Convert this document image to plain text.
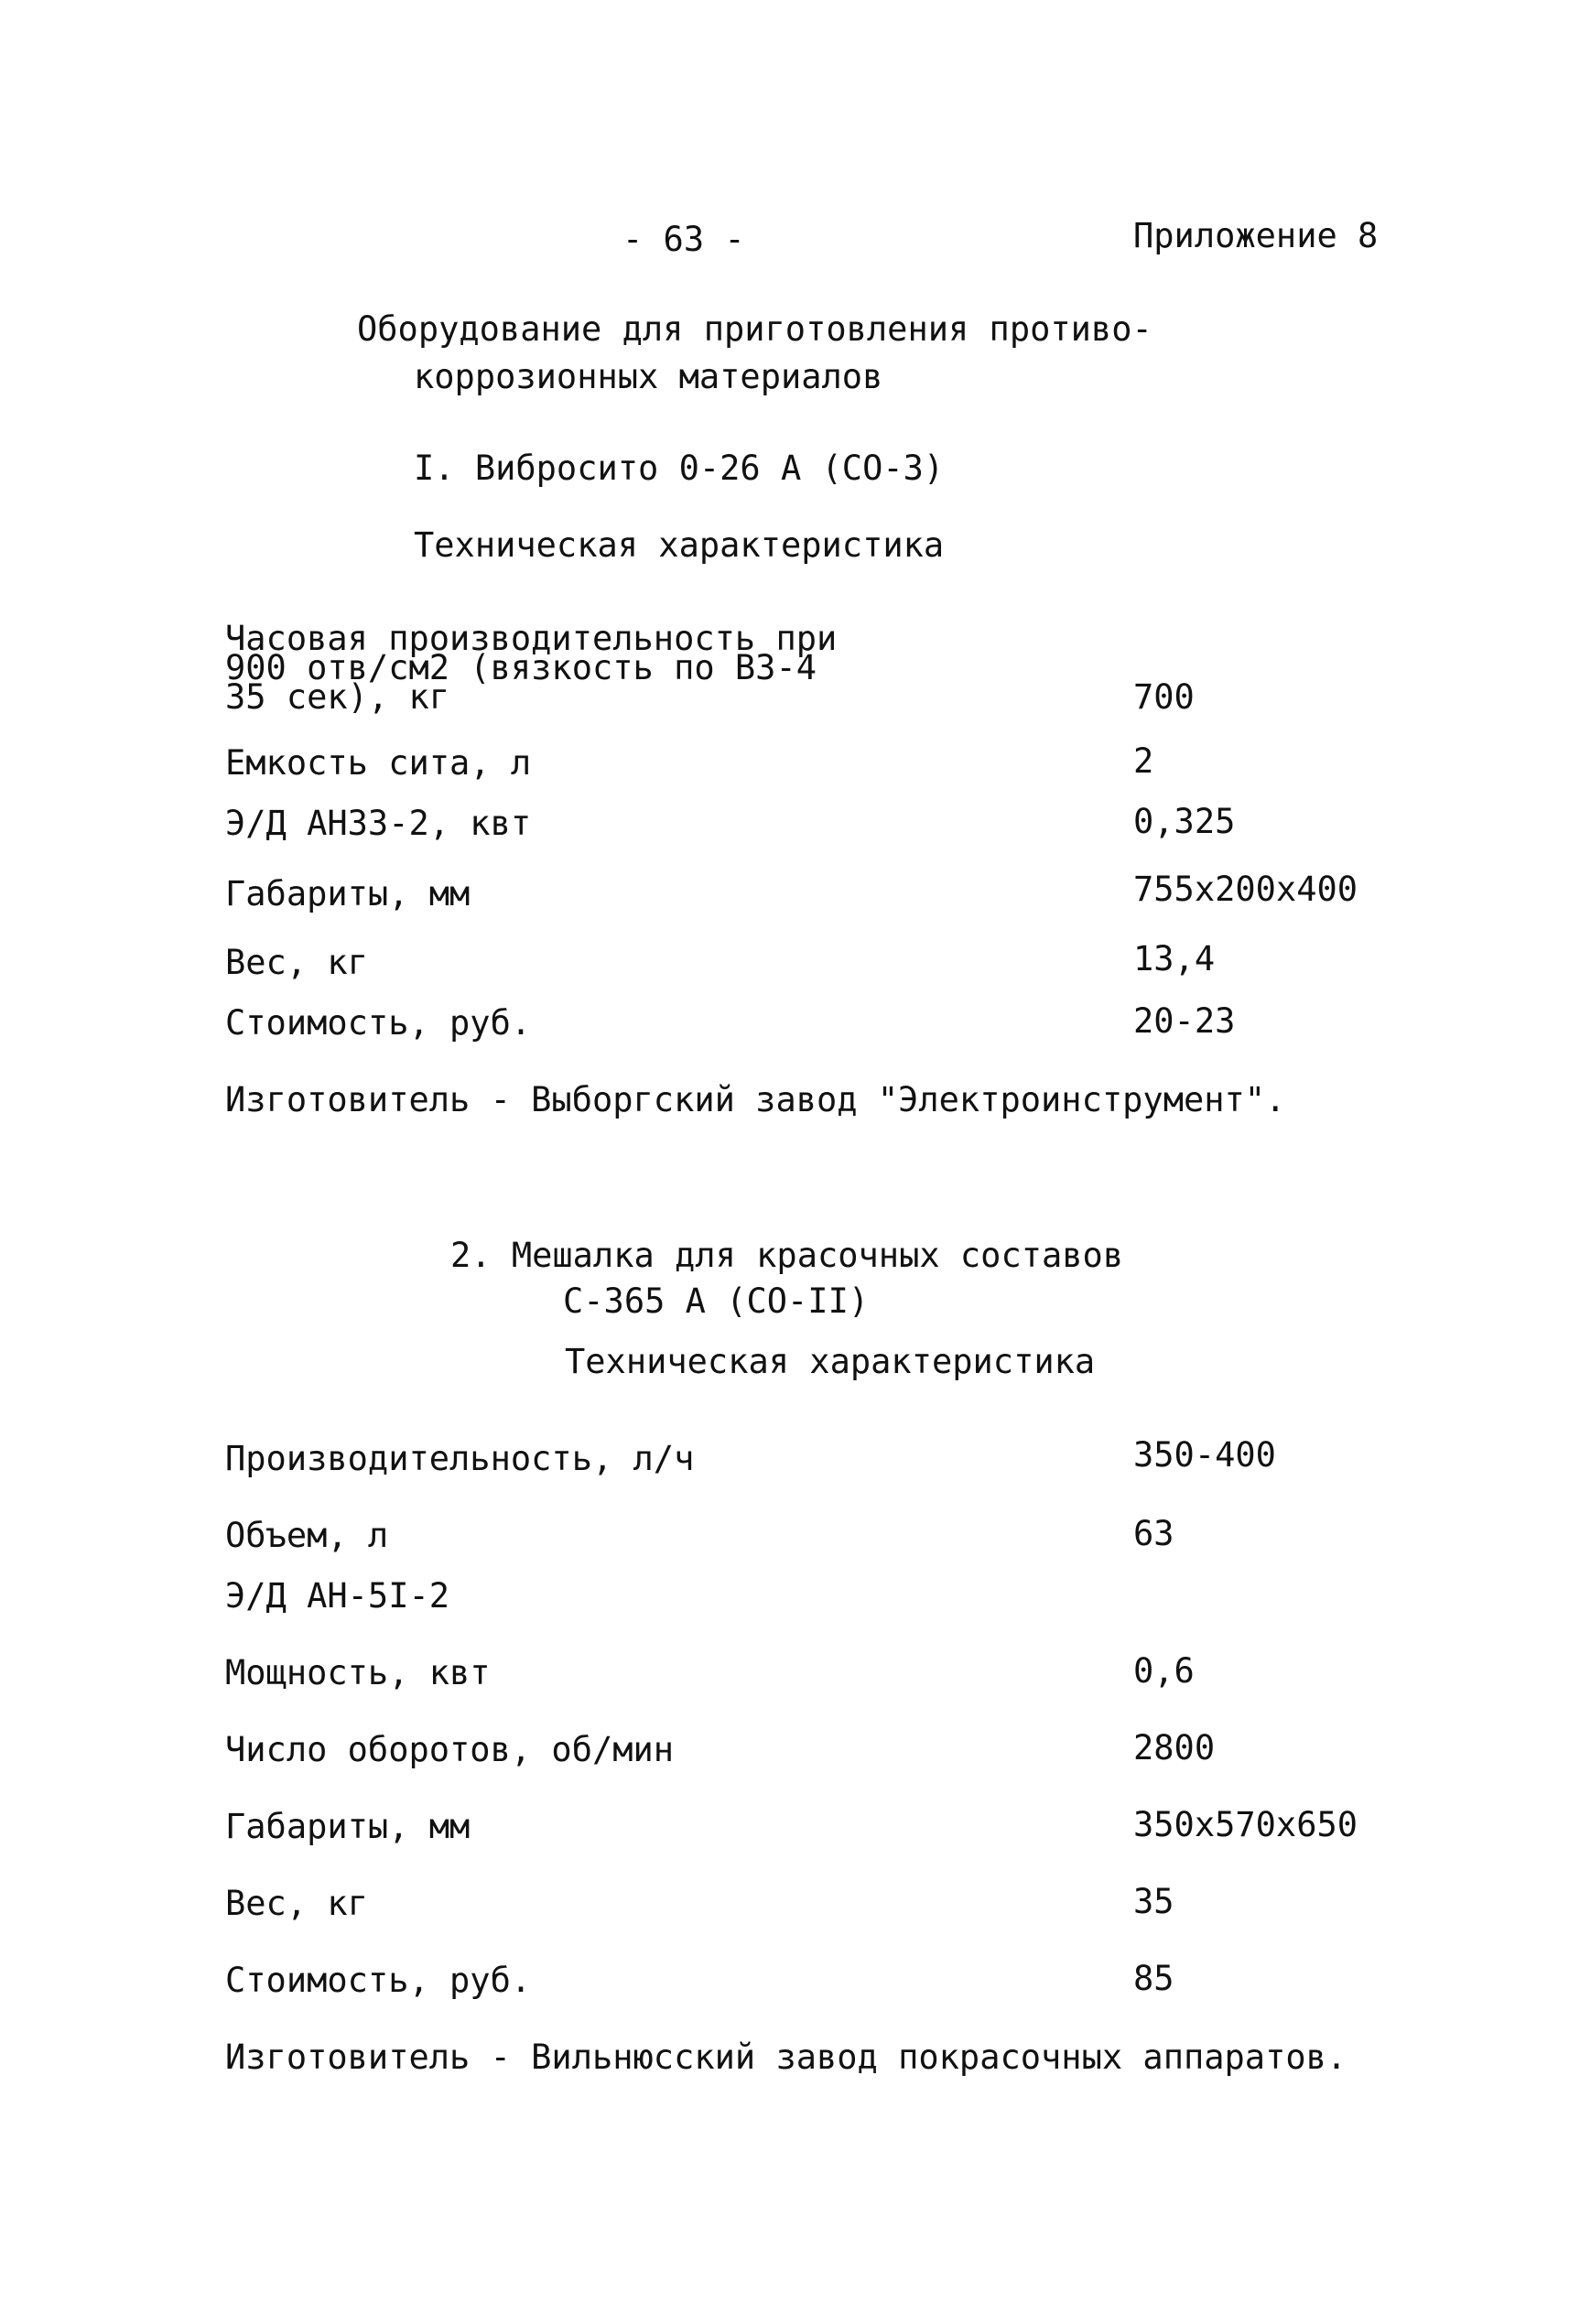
- 63 -	Приложение 8
Оборудование для приготовления противо-
коррозионных материалов
I. Вибросито 0-26 А (СО-3)
Техническая характеристика
Часовая производительность при
900 отв/см2 (вязкость по ВЗ-4
35 сек), кг	700
Емкость сита, л	2
Э/Д АН33-2, квт	0,325
Габариты, мм	755х200х400
Вес, кг	13,4
Стоимость, руб.	20-23
Изготовитель - Выборгский завод "Электроинструмент".
2. Мешалка для красочных составов
С-365 А (СО-II)
Техническая характеристика
Производительность, л/ч	350-400
Объем, л	63
Э/Д АН-5I-2
Мощность, квт	0,6
Число оборотов, об/мин	2800
Габариты, мм	350х570х650
Вес, кг	35
Стоимость, руб.	85
Изготовитель - Вильнюсский завод покрасочных аппаратов.
